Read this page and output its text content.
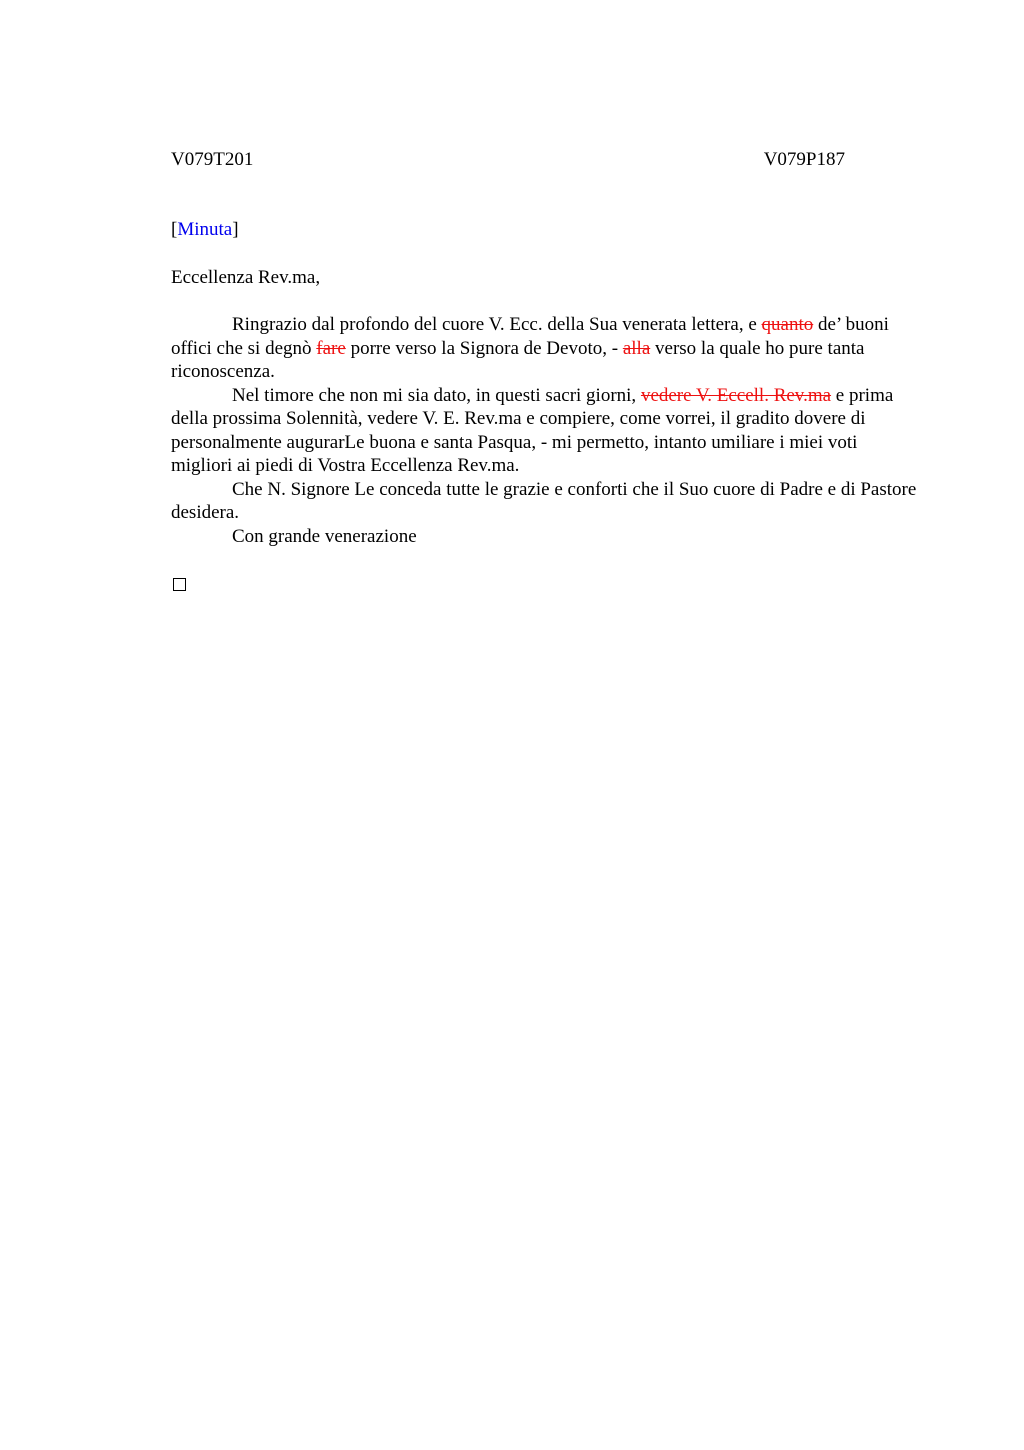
V079T201	V079P187
[Minuta]
Eccellenza Rev.ma,

Ringrazio dal profondo del cuore V. Ecc. della Sua venerata lettera, e quanto de’ buoni offici che si degnò fare porre verso la Signora de Devoto, - alla verso la quale ho pure tanta riconoscenza.

Nel timore che non mi sia dato, in questi sacri giorni, vedere V. Eccell. Rev.ma e prima della prossima Solennità, vedere V. E. Rev.ma e compiere, come vorrei, il gradito dovere di personalmente augurarLe buona e santa Pasqua, - mi permetto, intanto umiliare i miei voti migliori ai piedi di Vostra Eccellenza Rev.ma.

Che N. Signore Le conceda tutte le grazie e conforti che il Suo cuore di Padre e di Pastore desidera.

Con grande venerazione
